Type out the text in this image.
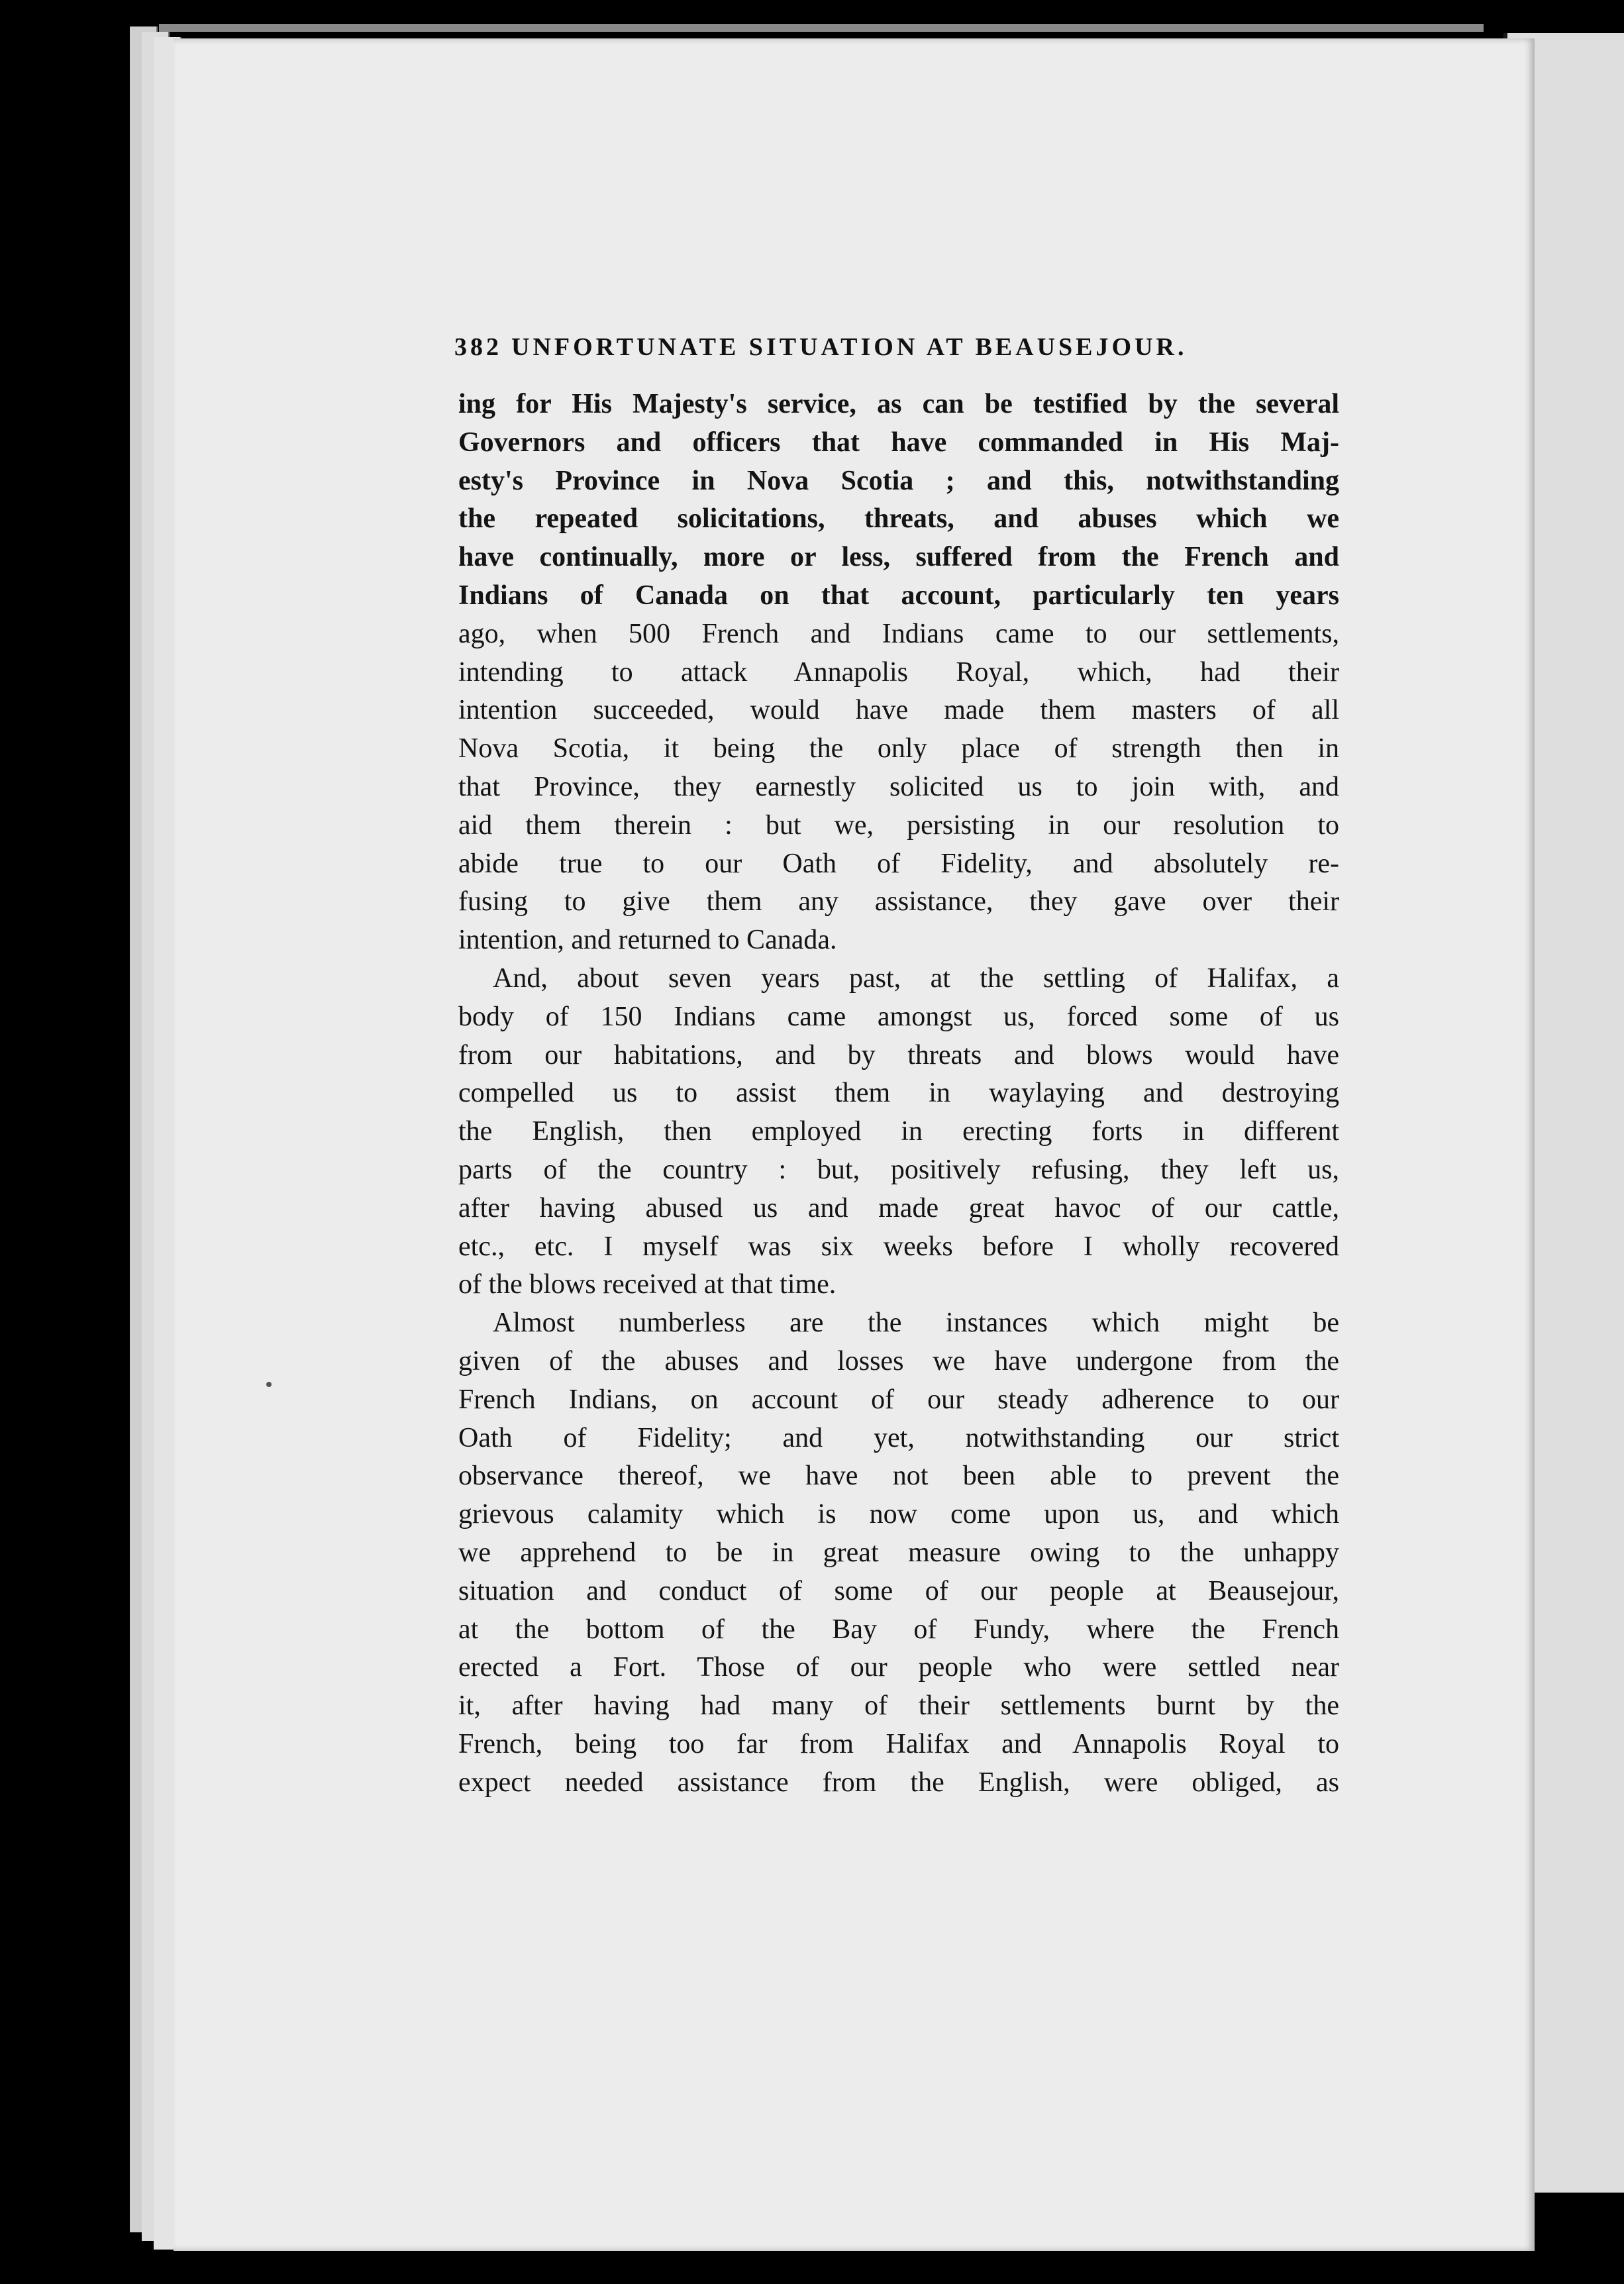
382 UNFORTUNATE SITUATION AT BEAUSEJOUR.

ing for His Majesty's service, as can be testified by the several
Governors and officers that have commanded in His Maj-
esty's Province in Nova Scotia ; and this, notwithstanding
the repeated solicitations, threats, and abuses which we
have continually, more or less, suffered from the French and
Indians of Canada on that account, particularly ten years
ago, when 500 French and Indians came to our settlements,
intending to attack Annapolis Royal, which, had their
intention succeeded, would have made them masters of all
Nova Scotia, it being the only place of strength then in
that Province, they earnestly solicited us to join with, and
aid them therein : but we, persisting in our resolution to
abide true to our Oath of Fidelity, and absolutely re-
fusing to give them any assistance, they gave over their
intention, and returned to Canada.
And, about seven years past, at the settling of Halifax, a
body of 150 Indians came amongst us, forced some of us
from our habitations, and by threats and blows would have
compelled us to assist them in waylaying and destroying
the English, then employed in erecting forts in different
parts of the country : but, positively refusing, they left us,
after having abused us and made great havoc of our cattle,
etc., etc. I myself was six weeks before I wholly recovered
of the blows received at that time.
Almost numberless are the instances which might be
given of the abuses and losses we have undergone from the
French Indians, on account of our steady adherence to our
Oath of Fidelity; and yet, notwithstanding our strict
observance thereof, we have not been able to prevent the
grievous calamity which is now come upon us, and which
we apprehend to be in great measure owing to the unhappy
situation and conduct of some of our people at Beausejour,
at the bottom of the Bay of Fundy, where the French
erected a Fort. Those of our people who were settled near
it, after having had many of their settlements burnt by the
French, being too far from Halifax and Annapolis Royal to
expect needed assistance from the English, were obliged, as
